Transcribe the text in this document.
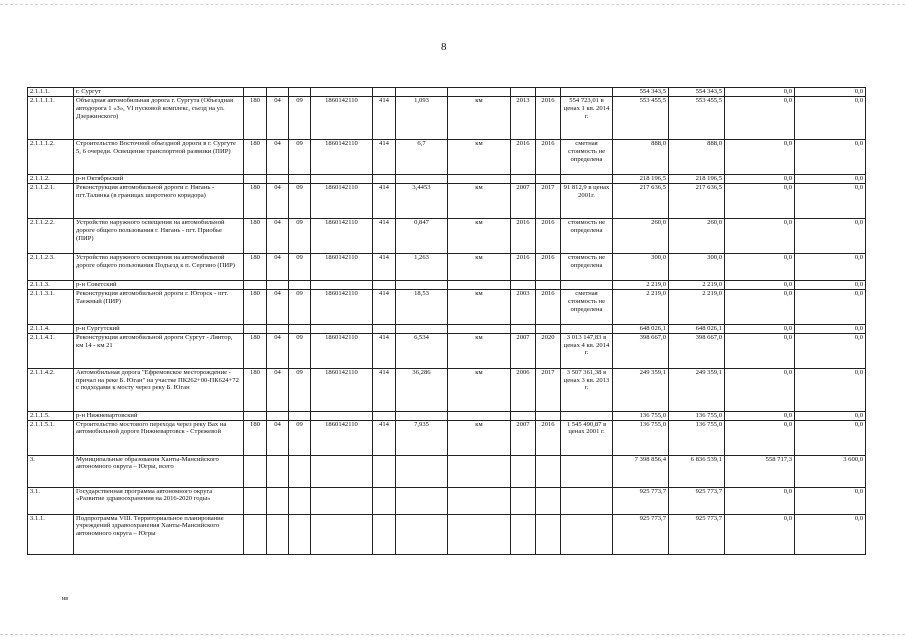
8
2.1.1.1.	г. Сургут											554 343,5	554 343,5	0,0	0,0
2.1.1.1.1.	Объездная автомобильная дорога г. Сургута (Объездная автодорога 1 «З», VI пусковой комплекс, съезд на ул. Дзержинского)	180	04	09	1860142110	414	1,093	км	2013	2016	554 723,01 в ценах 1 кв. 2014 г.	553 455,5	553 455,5	0,0	0,0
2.1.1.1.2.	Строительство Восточной объездной дороги в г. Сургуте 5, 6 очереди. Освещение транспортной развязки (ПИР)	180	04	09	1860142110	414	6,7	км	2016	2016	сметная стоимость не определена	888,0	888,0	0,0	0,0
2.1.1.2.	р-н Октябрьский											218 196,5	218 196,5	0,0	0,0
2.1.1.2.1.	Реконструкция автомобильной дороги г. Нягань - пгт.Талинка (в границах широтного коридора)	180	04	09	1860142110	414	3,4453	км	2007	2017	91 812,9 в ценах 2001г.	217 636,5	217 636,5	0,0	0,0
2.1.1.2.2.	Устройство наружного освещения на автомобильной дороге общего пользования г. Нягань - пгт. Приобье (ПИР)	180	04	09	1860142110	414	0,847	км	2016	2016	стоимость не определена	260,0	260,0	0,0	0,0
2.1.1.2.3.	Устройство наружного освещения на автомобильной дороге общего пользования Подъезд к п. Сергино (ПИР)	180	04	09	1860142110	414	1,263	км	2016	2016	стоимость не определена	300,0	300,0	0,0	0,0
2.1.1.3.	р-н Советский											2 219,0	2 219,0	0,0	0,0
2.1.1.3.1.	Реконструкция автомобильной дороги г. Югорск - пгт. Таежный (ПИР)	180	04	09	1860142110	414	18,53	км	2003	2016	сметная стоимость не определена	2 219,0	2 219,0	0,0	0,0
2.1.1.4.	р-н Сургутский											648 026,1	648 026,1	0,0	0,0
2.1.1.4.1.	Реконструкция автомобильной дороги Сургут - Лянтор, км 14 - км 21	180	04	09	1860142110	414	6,534	км	2007	2020	3 013 147,83 в ценах 4 кв. 2014 г.	398 667,0	398 667,0	0,0	0,0
2.1.1.4.2.	Автомобильная дорога "Ефремовское месторождение - причал на реке Б. Юган" на участке ПК262+00-ПК624+72 с подходами к мосту через реку Б. Юган	180	04	09	1860142110	414	36,286	км	2006	2017	3 507 361,38 в ценах 3 кв. 2013 г.	249 359,1	249 359,1	0,0	0,0
2.1.1.5.	р-н Нижневартовский											136 755,0	136 755,0	0,0	0,0
2.1.1.5.1.	Строительство мостового перехода через реку Вах на автомобильной дороге Нижневартовск - Стрежевой	180	04	09	1860142110	414	7,935	км	2007	2016	1 545 490,87 в ценах 2001 г.	136 755,0	136 755,0	0,0	0,0
3.	Муниципальные образования Ханты-Мансийского автономного округа – Югры, всего											7 398 856,4	6 836 539,1	558 717,3	3 600,0
3.1.	Государственная программа автономного округа «Развитие здравоохранения на 2016-2020 годы»											925 773,7	925 773,7	0,0	0,0
3.1.1.	Подпрограмма VIII. Территориальное планирование учреждений здравоохранения Ханты-Мансийского автономного округа – Югры											925 773,7	925 773,7	0,0	0,0
ив
